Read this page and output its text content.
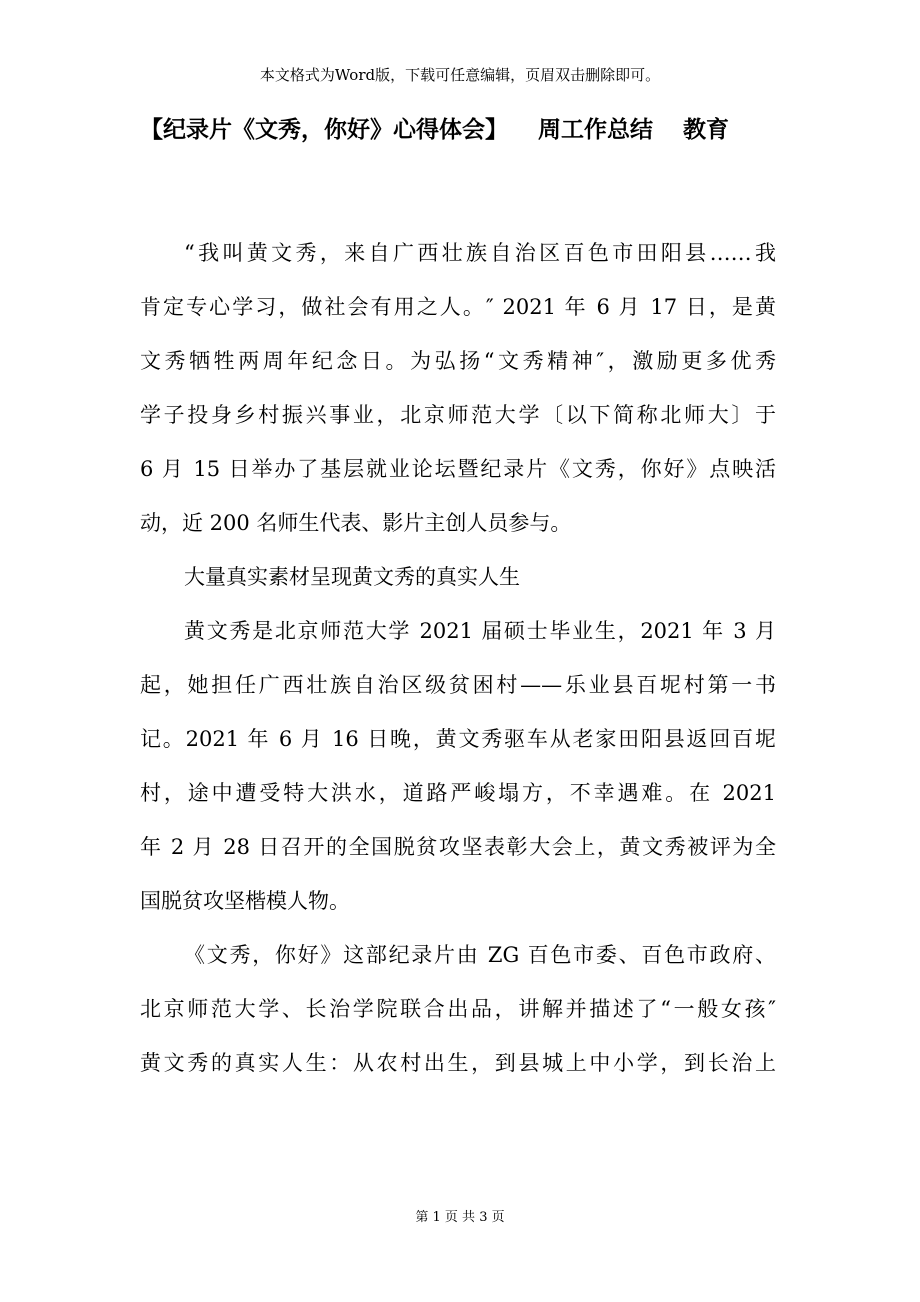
本文格式为Word版，下载可任意编辑，页眉双击删除即可。
【纪录片《文秀，你好》心得体会】 周工作总结 教育
“我叫黄文秀，来自广西壮族自治区百色市田阳县……我
肯定专心学习，做社会有用之人。″ 2021 年 6 月 17 日，是黄
文秀牺牲两周年纪念日。为弘扬“文秀精神″，激励更多优秀
学子投身乡村振兴事业，北京师范大学〔以下简称北师大〕于
6 月 15 日举办了基层就业论坛暨纪录片《文秀，你好》点映活
动，近 200 名师生代表、影片主创人员参与。
大量真实素材呈现黄文秀的真实人生
黄文秀是北京师范大学 2021 届硕士毕业生，2021 年 3 月
起，她担任广西壮族自治区级贫困村——乐业县百坭村第一书
记。2021 年 6 月 16 日晚，黄文秀驱车从老家田阳县返回百坭
村，途中遭受特大洪水，道路严峻塌方，不幸遇难。在 2021
年 2 月 28 日召开的全国脱贫攻坚表彰大会上，黄文秀被评为全
国脱贫攻坚楷模人物。
《文秀，你好》这部纪录片由 ZG 百色市委、百色市政府、
北京师范大学、长治学院联合出品，讲解并描述了“一般女孩″
黄文秀的真实人生：从农村出生，到县城上中小学，到长治上
第 1 页 共 3 页
